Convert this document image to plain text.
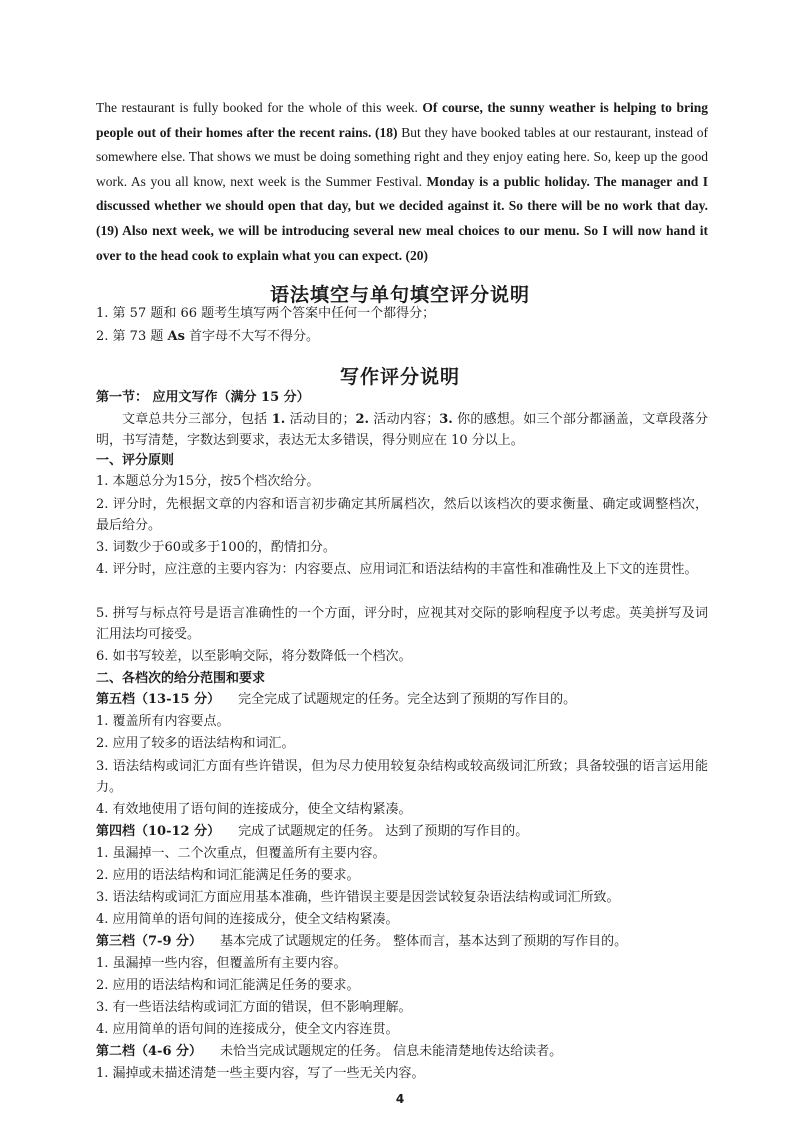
The restaurant is fully booked for the whole of this week. Of course, the sunny weather is helping to bring people out of their homes after the recent rains. (18) But they have booked tables at our restaurant, instead of somewhere else. That shows we must be doing something right and they enjoy eating here. So, keep up the good work. As you all know, next week is the Summer Festival. Monday is a public holiday. The manager and I discussed whether we should open that day, but we decided against it. So there will be no work that day. (19) Also next week, we will be introducing several new meal choices to our menu. So I will now hand it over to the head cook to explain what you can expect. (20)
语法填空与单句填空评分说明
1. 第 57 题和 66 题考生填写两个答案中任何一个都得分；
2. 第 73 题 As 首字母不大写不得分。
写作评分说明
第一节： 应用文写作（满分 15 分）
文章总共分三部分，包括 1. 活动目的；2. 活动内容；3. 你的感想。如三个部分都涵盖，文章段落分明，书写清楚，字数达到要求，表达无太多错误，得分则应在 10 分以上。
一、评分原则
1. 本题总分为15分，按5个档次给分。
2. 评分时，先根据文章的内容和语言初步确定其所属档次，然后以该档次的要求衡量、确定或调整档次，最后给分。
3. 词数少于60或多于100的，酌情扣分。
4. 评分时，应注意的主要内容为：内容要点、应用词汇和语法结构的丰富性和准确性及上下文的连贯性。
5. 拼写与标点符号是语言准确性的一个方面，评分时，应视其对交际的影响程度予以考虑。英美拼写及词汇用法均可接受。
6. 如书写较差，以至影响交际，将分数降低一个档次。
二、各档次的给分范围和要求
第五档（13-15 分） 完全完成了试题规定的任务。完全达到了预期的写作目的。
1. 覆盖所有内容要点。
2. 应用了较多的语法结构和词汇。
3. 语法结构或词汇方面有些许错误，但为尽力使用较复杂结构或较高级词汇所致；具备较强的语言运用能力。
4. 有效地使用了语句间的连接成分，使全文结构紧凑。
第四档（10-12 分） 完成了试题规定的任务。 达到了预期的写作目的。
1. 虽漏掉一、二个次重点，但覆盖所有主要内容。
2. 应用的语法结构和词汇能满足任务的要求。
3. 语法结构或词汇方面应用基本准确，些许错误主要是因尝试较复杂语法结构或词汇所致。
4. 应用简单的语句间的连接成分，使全文结构紧凑。
第三档（7-9 分） 基本完成了试题规定的任务。 整体而言，基本达到了预期的写作目的。
1. 虽漏掉一些内容，但覆盖所有主要内容。
2. 应用的语法结构和词汇能满足任务的要求。
3. 有一些语法结构或词汇方面的错误，但不影响理解。
4. 应用简单的语句间的连接成分，使全文内容连贯。
第二档（4-6 分） 未恰当完成试题规定的任务。 信息未能清楚地传达给读者。
1. 漏掉或未描述清楚一些主要内容，写了一些无关内容。
4
